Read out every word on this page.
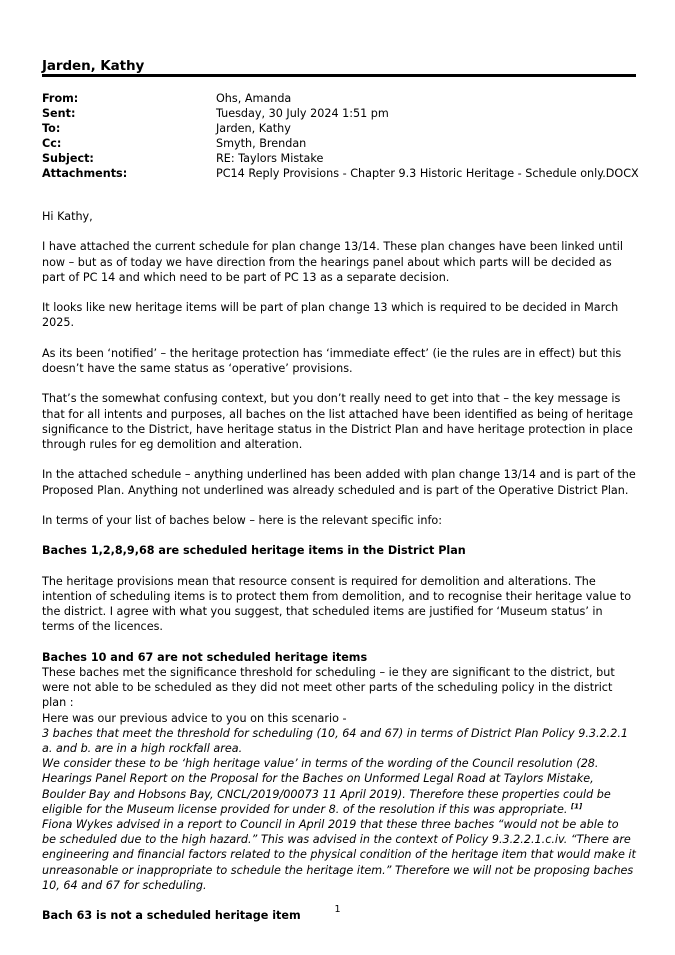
Jarden, Kathy
From:	Ohs, Amanda
Sent:	Tuesday, 30 July 2024 1:51 pm
To:	Jarden, Kathy
Cc:	Smyth, Brendan
Subject:	RE: Taylors Mistake
Attachments:	PC14 Reply Provisions - Chapter 9.3 Historic Heritage - Schedule only.DOCX

Hi Kathy,

I have attached the current schedule for plan change 13/14. These plan changes have been linked until now – but as of today we have direction from the hearings panel about which parts will be decided as part of PC 14 and which need to be part of PC 13 as a separate decision.

It looks like new heritage items will be part of plan change 13 which is required to be decided in March 2025.

As its been ‘notified’ – the heritage protection has ‘immediate effect’ (ie the rules are in effect) but this doesn’t have the same status as ‘operative’ provisions.

That’s the somewhat confusing context, but you don’t really need to get into that – the key message is that for all intents and purposes, all baches on the list attached have been identified as being of heritage significance to the District, have heritage status in the District Plan and have heritage protection in place through rules for eg demolition and alteration.

In the attached schedule – anything underlined has been added with plan change 13/14 and is part of the Proposed Plan. Anything not underlined was already scheduled and is part of the Operative District Plan.

In terms of your list of baches below – here is the relevant specific info:

Baches 1,2,8,9,68 are scheduled heritage items in the District Plan

The heritage provisions mean that resource consent is required for demolition and alterations. The intention of scheduling items is to protect them from demolition, and to recognise their heritage value to the district. I agree with what you suggest, that scheduled items are justified for ‘Museum status’ in terms of the licences.

Baches 10 and 67 are not scheduled heritage items

These baches met the significance threshold for scheduling – ie they are significant to the district, but were not able to be scheduled as they did not meet other parts of the scheduling policy in the district plan :

Here was our previous advice to you on this scenario -

3 baches that meet the threshold for scheduling (10, 64 and 67) in terms of District Plan Policy 9.3.2.2.1 a. and b. are in a high rockfall area.

We consider these to be ‘high heritage value’ in terms of the wording of the Council resolution (28. Hearings Panel Report on the Proposal for the Baches on Unformed Legal Road at Taylors Mistake, Boulder Bay and Hobsons Bay, CNCL/2019/00073 11 April 2019). Therefore these properties could be eligible for the Museum license provided for under 8. of the resolution if this was appropriate. [1]

Fiona Wykes advised in a report to Council in April 2019 that these three baches “would not be able to be scheduled due to the high hazard.” This was advised in the context of Policy 9.3.2.2.1.c.iv. “There are engineering and financial factors related to the physical condition of the heritage item that would make it unreasonable or inappropriate to schedule the heritage item.” Therefore we will not be proposing baches 10, 64 and 67 for scheduling.

Bach 63 is not a scheduled heritage item	1
